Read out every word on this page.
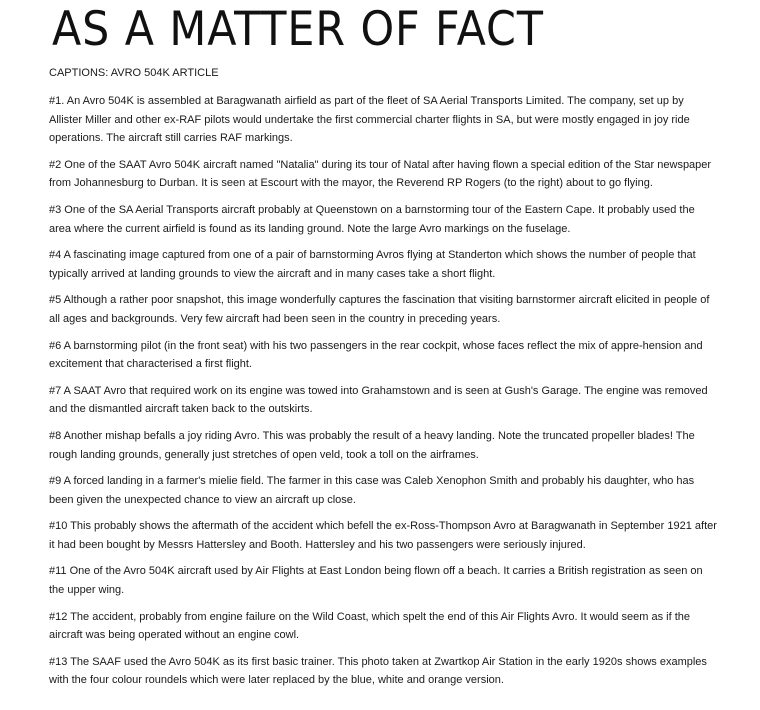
AS A MATTER OF FACT

CAPTIONS: AVRO 504K ARTICLE

#1. An Avro 504K is assembled at Baragwanath airfield as part of the fleet of SA Aerial Transports Limited. The company, set up by Allister Miller and other ex-RAF pilots would undertake the first commercial charter flights in SA, but were mostly engaged in joy ride operations. The aircraft still carries RAF markings.

#2 One of the SAAT Avro 504K aircraft named "Natalia" during its tour of Natal after having flown a special edition of the Star newspaper from Johannesburg to Durban. It is seen at Escourt with the mayor, the Reverend RP Rogers (to the right) about to go flying.

#3 One of the SA Aerial Transports aircraft probably at Queenstown on a barnstorming tour of the Eastern Cape. It probably used the area where the current airfield is found as its landing ground. Note the large Avro markings on the fuselage.

#4 A fascinating image captured from one of a pair of barnstorming Avros flying at Standerton which shows the number of people that typically arrived at landing grounds to view the aircraft and in many cases take a short flight.

#5 Although a rather poor snapshot, this image wonderfully captures the fascination that visiting barnstormer aircraft elicited in people of all ages and backgrounds. Very few aircraft had been seen in the country in preceding years.

#6 A barnstorming pilot (in the front seat) with his two passengers in the rear cockpit, whose faces reflect the mix of appre-hension and excitement that characterised a first flight.

#7 A SAAT Avro that required work on its engine was towed into Grahamstown and is seen at Gush's Garage. The engine was removed and the dismantled aircraft taken back to the outskirts.

#8 Another mishap befalls a joy riding Avro. This was probably the result of a heavy landing. Note the truncated propeller blades! The rough landing grounds, generally just stretches of open veld, took a toll on the airframes.

#9 A forced landing in a farmer's mielie field. The farmer in this case was Caleb Xenophon Smith and probably his daughter, who has been given the unexpected chance to view an aircraft up close.

#10 This probably shows the aftermath of the accident which befell the ex-Ross-Thompson Avro at Baragwanath in September 1921 after it had been bought by Messrs Hattersley and Booth. Hattersley and his two passengers were seriously injured.

#11 One of the Avro 504K aircraft used by Air Flights at East London being flown off a beach. It carries a British registration as seen on the upper wing.

#12 The accident, probably from engine failure on the Wild Coast, which spelt the end of this Air Flights Avro. It would seem as if the aircraft was being operated without an engine cowl.

#13 The SAAF used the Avro 504K as its first basic trainer. This photo taken at Zwartkop Air Station in the early 1920s shows examples with the four colour roundels which were later replaced by the blue, white and orange version.
